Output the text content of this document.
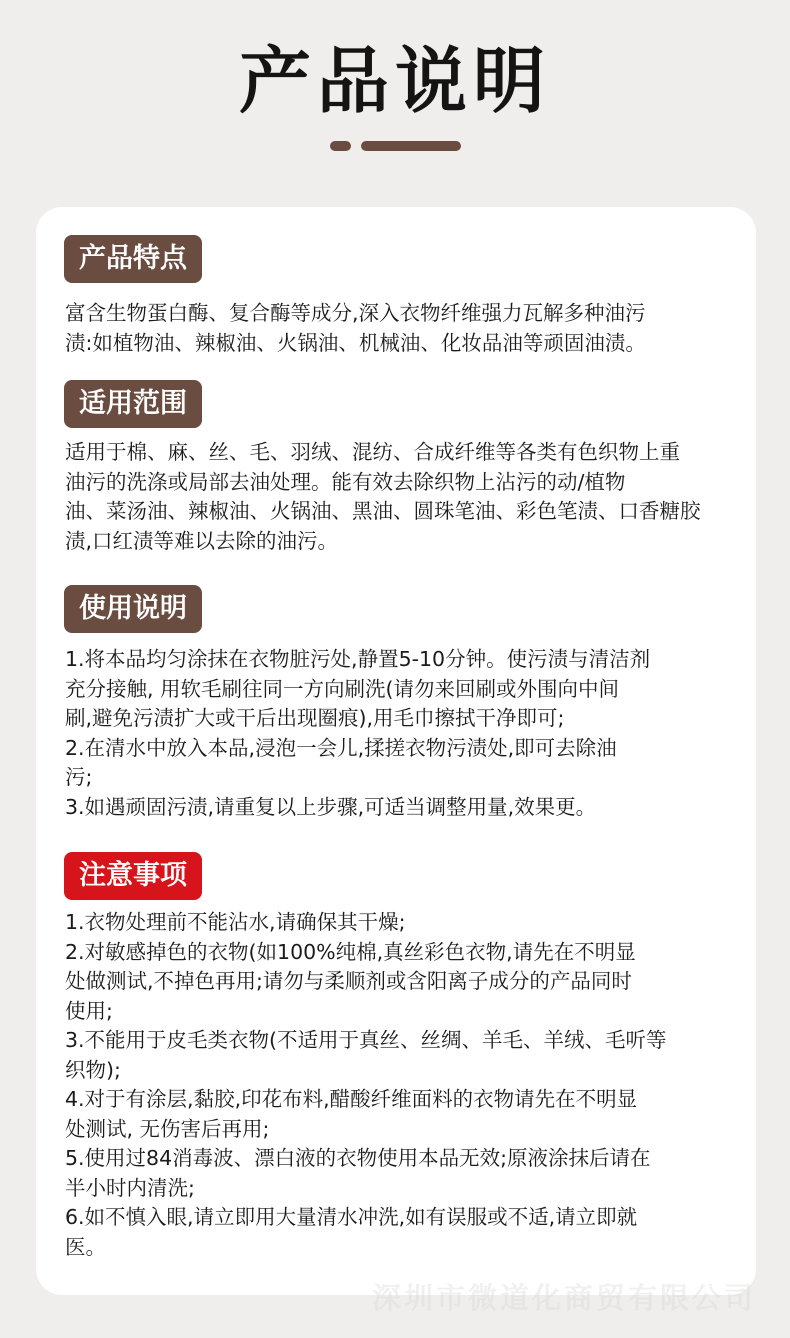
产品说明
产品特点
富含生物蛋白酶、复合酶等成分,深入衣物纤维强力瓦解多种油污
渍:如植物油、辣椒油、火锅油、机械油、化妆品油等顽固油渍。
适用范围
适用于棉、麻、丝、毛、羽绒、混纺、合成纤维等各类有色织物上重
油污的洗涤或局部去油处理。能有效去除织物上沾污的动/植物
油、菜汤油、辣椒油、火锅油、黑油、圆珠笔油、彩色笔渍、口香糖胶
渍,口红渍等难以去除的油污。
使用说明
1.将本品均匀涂抹在衣物脏污处,静置5-10分钟。使污渍与清洁剂
充分接触, 用软毛刷往同一方向刷洗(请勿来回刷或外围向中间
刷,避免污渍扩大或干后出现圈痕),用毛巾擦拭干净即可;
2.在清水中放入本品,浸泡一会儿,揉搓衣物污渍处,即可去除油
污;
3.如遇顽固污渍,请重复以上步骤,可适当调整用量,效果更。
注意事项
1.衣物处理前不能沾水,请确保其干燥;
2.对敏感掉色的衣物(如100%纯棉,真丝彩色衣物,请先在不明显
处做测试,不掉色再用;请勿与柔顺剂或含阳离子成分的产品同时
使用;
3.不能用于皮毛类衣物(不适用于真丝、丝绸、羊毛、羊绒、毛听等
织物);
4.对于有涂层,黏胶,印花布料,醋酸纤维面料的衣物请先在不明显
处测试, 无伤害后再用;
5.使用过84消毒波、漂白液的衣物使用本品无效;原液涂抹后请在
半小时内清洗;
6.如不慎入眼,请立即用大量清水冲洗,如有误服或不适,请立即就
医。
深圳市微道化商贸有限公司
